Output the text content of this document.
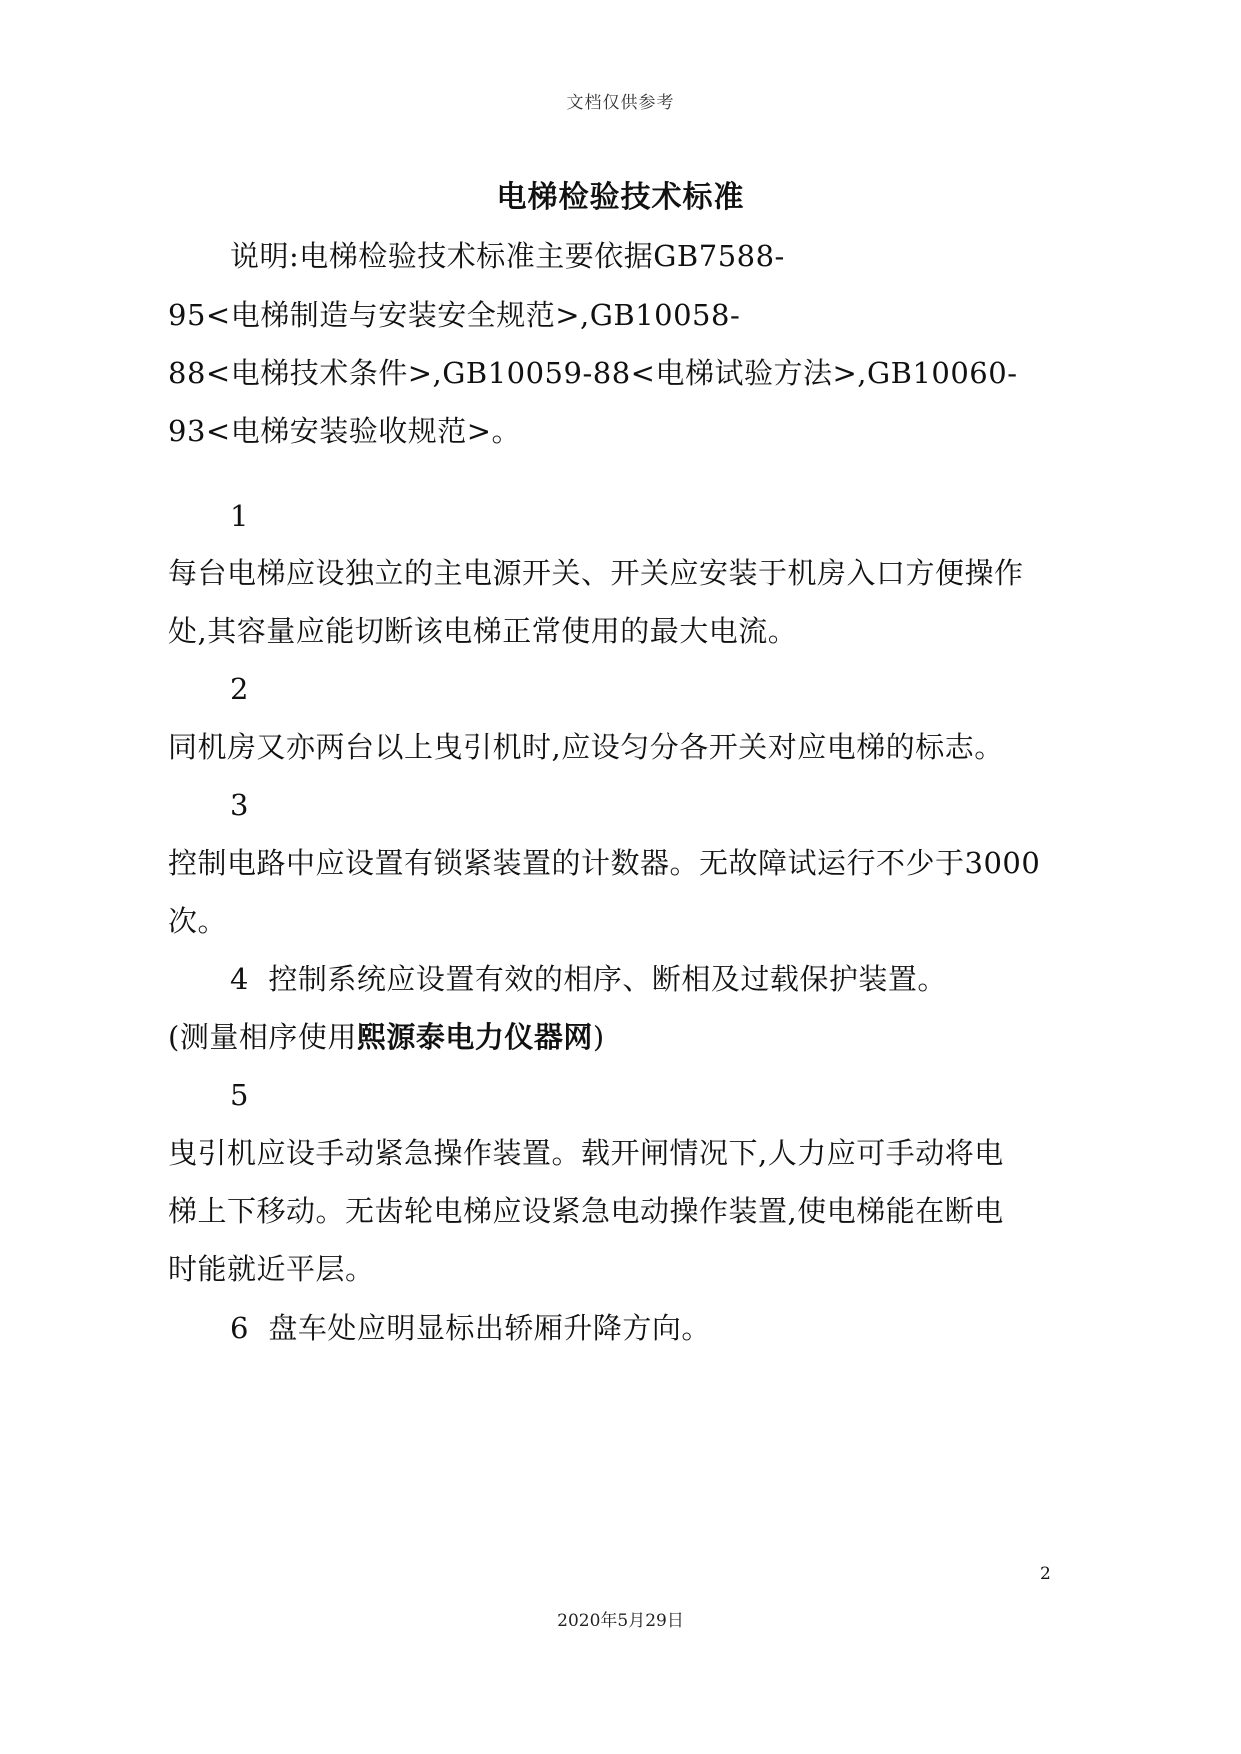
文档仅供参考
电梯检验技术标准
说明:电梯检验技术标准主要依据GB7588-
95<电梯制造与安装安全规范>,GB10058-
88<电梯技术条件>,GB10059-88<电梯试验方法>,GB10060-
93<电梯安装验收规范>。
1
每台电梯应设独立的主电源开关、开关应安装于机房入口方便操作
处,其容量应能切断该电梯正常使用的最大电流。
2
同机房又亦两台以上曳引机时,应设匀分各开关对应电梯的标志。
3
控制电路中应设置有锁紧装置的计数器。无故障试运行不少于3000
次。
4 控制系统应设置有效的相序、断相及过载保护装置。
(测量相序使用熙源泰电力仪器网)
5
曳引机应设手动紧急操作装置。载开闸情况下,人力应可手动将电
梯上下移动。无齿轮电梯应设紧急电动操作装置,使电梯能在断电
时能就近平层。
6 盘车处应明显标出轿厢升降方向。
2
2020年5月29日
